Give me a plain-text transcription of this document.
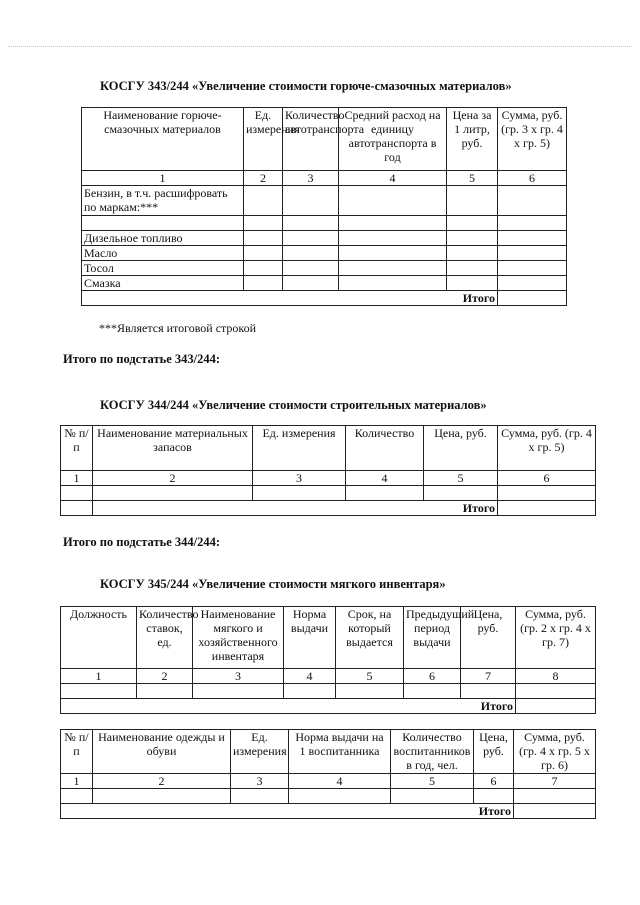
КОСГУ 343/244 «Увеличение стоимости горюче-смазочных материалов»
Наименование горюче-смазочных материалов	Ед. измерения	Количество автотранспорта	Средний расход на единицу автотранспорта в год	Цена за 1 литр, руб.	Сумма, руб. (гр. 3 х гр. 4 х гр. 5)
1	2	3	4	5	6
Бензин, в т.ч. расшифровать по маркам:***					

Дизельное топливо					
Масло					
Тосол					
Смазка					
Итого					
***Является итоговой строкой
Итого по подстатье 343/244:
КОСГУ 344/244 «Увеличение стоимости строительных материалов»
№ п/п	Наименование материальных запасов	Ед. измерения	Количество	Цена, руб.	Сумма, руб. (гр. 4 х гр. 5)
1	2	3	4	5	6

	Итого				
Итого по подстатье 344/244:
КОСГУ 345/244 «Увеличение стоимости мягкого инвентаря»
Должность	Количество ставок, ед.	Наименование мягкого и хозяйственного инвентаря	Норма выдачи	Срок, на который выдается	Предыдущий период выдачи	Цена, руб.	Сумма, руб. (гр. 2 х гр. 4 х гр. 7)
1	2	3	4	5	6	7	8

Итого							
№ п/п	Наименование одежды и обуви	Ед. измерения	Норма выдачи на 1 воспитанника	Количество воспитанников в год, чел.	Цена, руб.	Сумма, руб. (гр. 4 х гр. 5 х гр. 6)
1	2	3	4	5	6	7

Итого						
